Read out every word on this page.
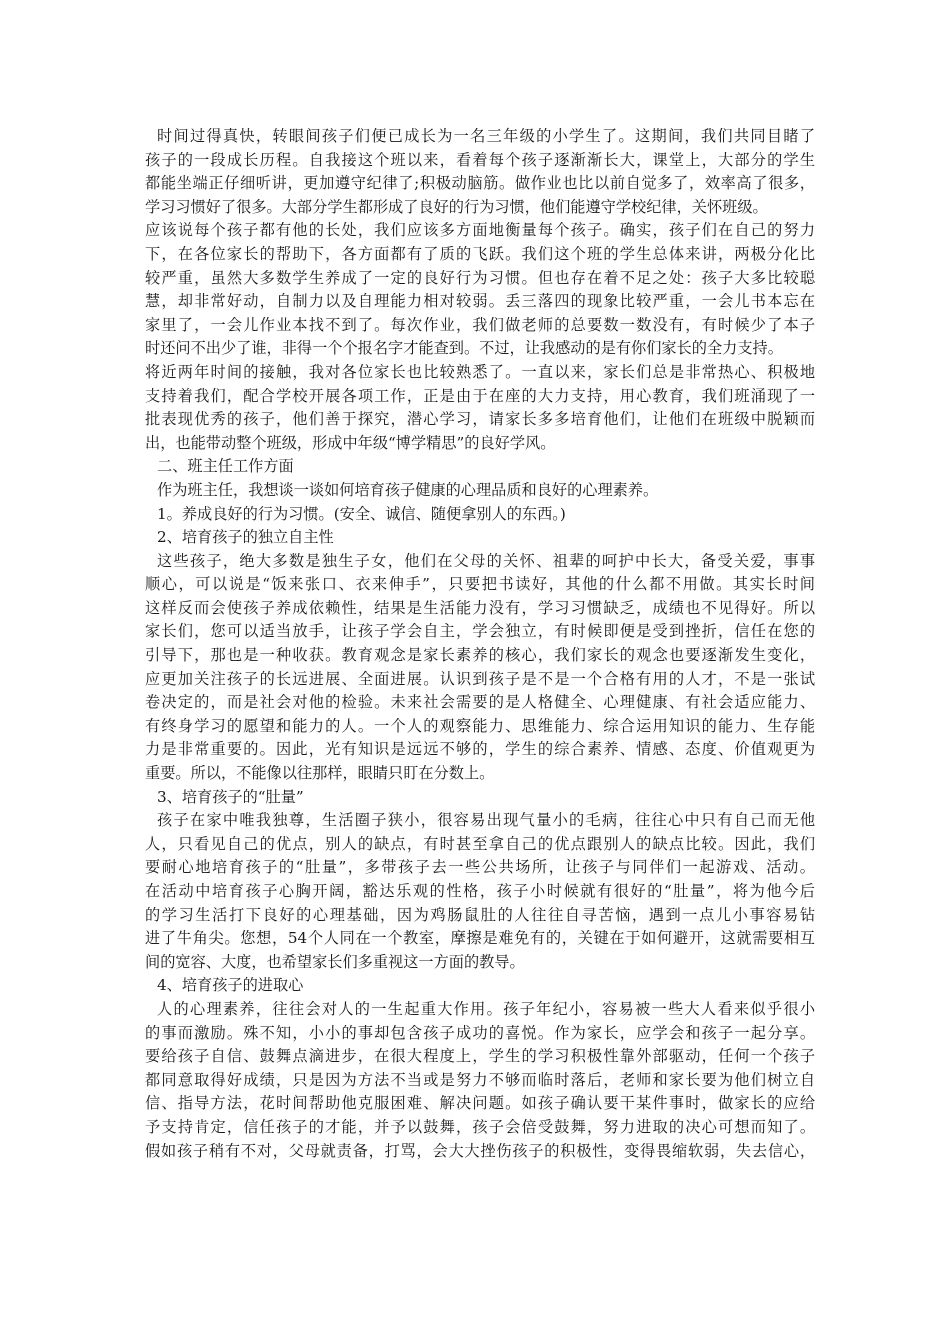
时间过得真快，转眼间孩子们便已成长为一名三年级的小学生了。这期间，我们共同目睹了
孩子的一段成长历程。自我接这个班以来，看着每个孩子逐渐渐长大，课堂上，大部分的学生
都能坐端正仔细听讲，更加遵守纪律了;积极动脑筋。做作业也比以前自觉多了，效率高了很多，
学习习惯好了很多。大部分学生都形成了良好的行为习惯，他们能遵守学校纪律，关怀班级。
应该说每个孩子都有他的长处，我们应该多方面地衡量每个孩子。确实，孩子们在自己的努力
下，在各位家长的帮助下，各方面都有了质的飞跃。我们这个班的学生总体来讲，两极分化比
较严重，虽然大多数学生养成了一定的良好行为习惯。但也存在着不足之处：孩子大多比较聪
慧，却非常好动，自制力以及自理能力相对较弱。丢三落四的现象比较严重，一会儿书本忘在
家里了，一会儿作业本找不到了。每次作业，我们做老师的总要数一数没有，有时候少了本子
时还问不出少了谁，非得一个个报名字才能查到。不过，让我感动的是有你们家长的全力支持。
将近两年时间的接触，我对各位家长也比较熟悉了。一直以来，家长们总是非常热心、积极地
支持着我们，配合学校开展各项工作，正是由于在座的大力支持，用心教育，我们班涌现了一
批表现优秀的孩子，他们善于探究，潜心学习，请家长多多培育他们，让他们在班级中脱颖而
出，也能带动整个班级，形成中年级“博学精思”的良好学风。
二、班主任工作方面
作为班主任，我想谈一谈如何培育孩子健康的心理品质和良好的心理素养。
1。养成良好的行为习惯。(安全、诚信、随便拿别人的东西。)
2、培育孩子的独立自主性
这些孩子，绝大多数是独生子女，他们在父母的关怀、祖辈的呵护中长大，备受关爱，事事
顺心，可以说是“饭来张口、衣来伸手”，只要把书读好，其他的什么都不用做。其实长时间
这样反而会使孩子养成依赖性，结果是生活能力没有，学习习惯缺乏，成绩也不见得好。所以
家长们，您可以适当放手，让孩子学会自主，学会独立，有时候即便是受到挫折，信任在您的
引导下，那也是一种收获。教育观念是家长素养的核心，我们家长的观念也要逐渐发生变化，
应更加关注孩子的长远进展、全面进展。认识到孩子是不是一个合格有用的人才，不是一张试
卷决定的，而是社会对他的检验。未来社会需要的是人格健全、心理健康、有社会适应能力、
有终身学习的愿望和能力的人。一个人的观察能力、思维能力、综合运用知识的能力、生存能
力是非常重要的。因此，光有知识是远远不够的，学生的综合素养、情感、态度、价值观更为
重要。所以，不能像以往那样，眼睛只盯在分数上。
3、培育孩子的“肚量”
孩子在家中唯我独尊，生活圈子狭小，很容易出现气量小的毛病，往往心中只有自己而无他
人，只看见自己的优点，别人的缺点，有时甚至拿自己的优点跟别人的缺点比较。因此，我们
要耐心地培育孩子的“肚量”，多带孩子去一些公共场所，让孩子与同伴们一起游戏、活动。
在活动中培育孩子心胸开阔，豁达乐观的性格，孩子小时候就有很好的“肚量”，将为他今后
的学习生活打下良好的心理基础，因为鸡肠鼠肚的人往往自寻苦恼，遇到一点儿小事容易钻
进了牛角尖。您想，54个人同在一个教室，摩擦是难免有的，关键在于如何避开，这就需要相互
间的宽容、大度，也希望家长们多重视这一方面的教导。
4、培育孩子的进取心
人的心理素养，往往会对人的一生起重大作用。孩子年纪小，容易被一些大人看来似乎很小
的事而激励。殊不知，小小的事却包含孩子成功的喜悦。作为家长，应学会和孩子一起分享。
要给孩子自信、鼓舞点滴进步，在很大程度上，学生的学习积极性靠外部驱动，任何一个孩子
都同意取得好成绩，只是因为方法不当或是努力不够而临时落后，老师和家长要为他们树立自
信、指导方法，花时间帮助他克服困难、解决问题。如孩子确认要干某件事时，做家长的应给
予支持肯定，信任孩子的才能，并予以鼓舞，孩子会倍受鼓舞，努力进取的决心可想而知了。
假如孩子稍有不对，父母就责备，打骂，会大大挫伤孩子的积极性，变得畏缩软弱，失去信心，
